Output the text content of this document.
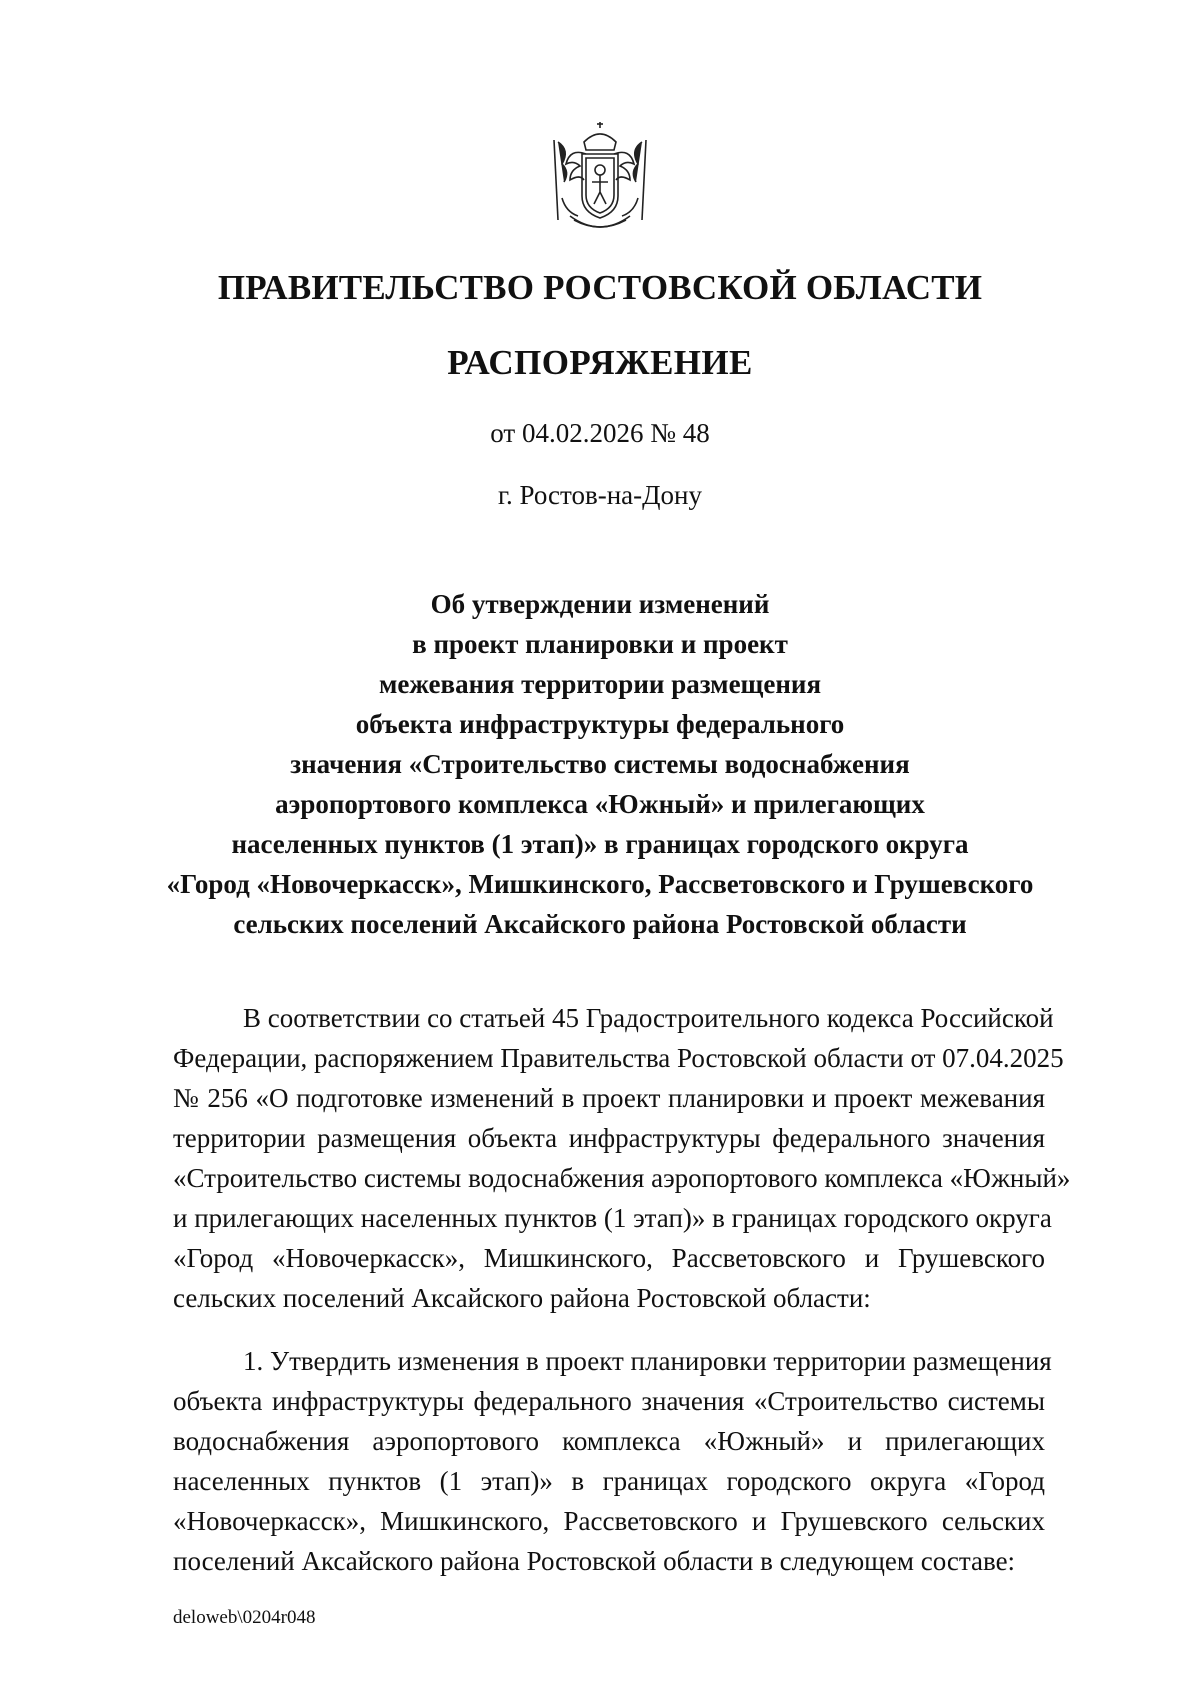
ПРАВИТЕЛЬСТВО РОСТОВСКОЙ ОБЛАСТИ
РАСПОРЯЖЕНИЕ
от 04.02.2026 № 48
г. Ростов-на-Дону
Об утверждении изменений
в проект планировки и проект
межевания территории размещения
объекта инфраструктуры федерального
значения «Строительство системы водоснабжения
аэропортового комплекса «Южный» и прилегающих
населенных пунктов (1 этап)» в границах городского округа
«Город «Новочеркасск», Мишкинского, Рассветовского и Грушевского
сельских поселений Аксайского района Ростовской области
В соответствии со статьей 45 Градостроительного кодекса Российской
Федерации, распоряжением Правительства Ростовской области от 07.04.2025
№ 256 «О подготовке изменений в проект планировки и проект межевания
территории размещения объекта инфраструктуры федерального значения
«Строительство системы водоснабжения аэропортового комплекса «Южный»
и прилегающих населенных пунктов (1 этап)» в границах городского округа
«Город «Новочеркасск», Мишкинского, Рассветовского и Грушевского
сельских поселений Аксайского района Ростовской области:
1. Утвердить изменения в проект планировки территории размещения
объекта инфраструктуры федерального значения «Строительство системы
водоснабжения аэропортового комплекса «Южный» и прилегающих
населенных пунктов (1 этап)» в границах городского округа «Город
«Новочеркасск», Мишкинского, Рассветовского и Грушевского сельских
поселений Аксайского района Ростовской области в следующем составе:
deloweb\0204r048
